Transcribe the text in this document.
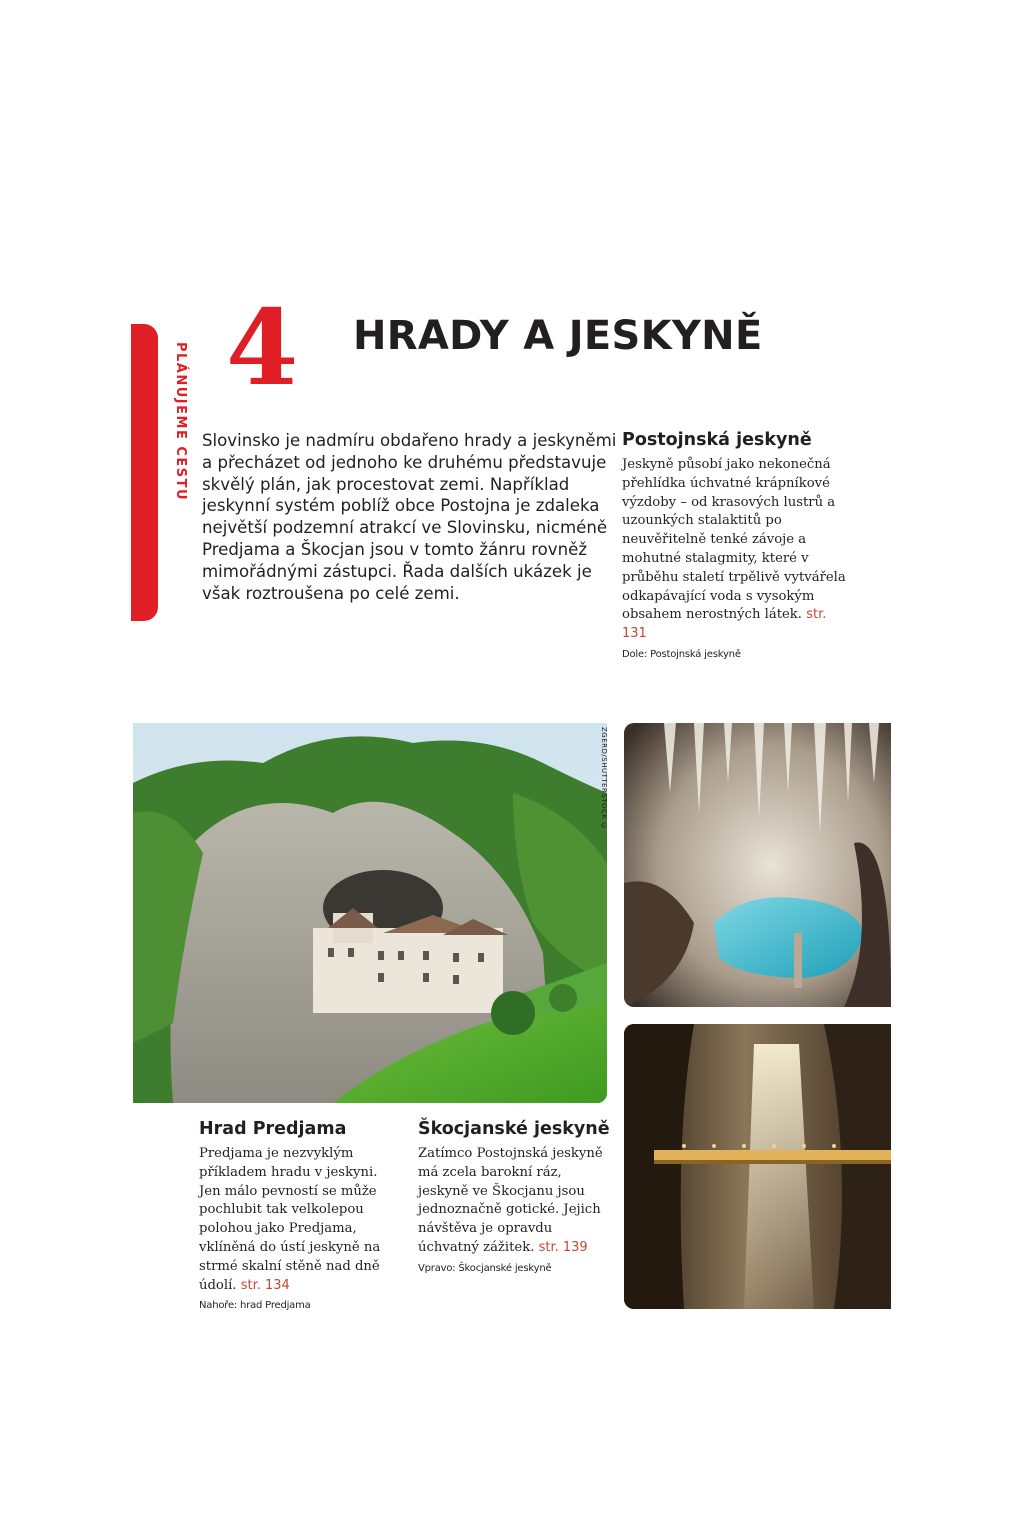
PLÁNUJEME CESTU 4 HRADY A JESKYNĚ
Slovinsko je nadmíru obdařeno hrady a jeskyněmi a přecházet od jednoho ke druhému představuje skvělý plán, jak procestovat zemi. Například jeskynní systém poblíž obce Postojna je zdaleka největší podzemní atrakcí ve Slovinsku, nicméně Predjama a Škocjan jsou v tomto žánru rovněž mimořádnými zástupci. Řada dalších ukázek je však roztroušena po celé zemi.
Postojnská jeskyně
Jeskyně působí jako nekonečná přehlídka úchvatné krápníkové výzdoby – od krasových lustrů a uzounkých stalaktitů po neuvěřitelně tenké závoje a mohutné stalagmity, které v průběhu staletí trpělivě vytvářela odkapávající voda s vysokým obsahem nerostných látek. str. 131
Dole: Postojnská jeskyně
ZGERD/SHUTTERSTOCK ©
Hrad Predjama
Predjama je nezvyklým příkladem hradu v jeskyni. Jen málo pevností se může pochlubit tak velkolepou polohou jako Predjama, vklíněná do ústí jeskyně na strmé skalní stěně nad dně údolí. str. 134
Nahoře: hrad Predjama
Škocjanské jeskyně
Zatímco Postojnská jeskyně má zcela barokní ráz, jeskyně ve Škocjanu jsou jednoznačně gotické. Jejich návštěva je opravdu úchvatný zážitek. str. 139
Vpravo: Škocjanské jeskyně
